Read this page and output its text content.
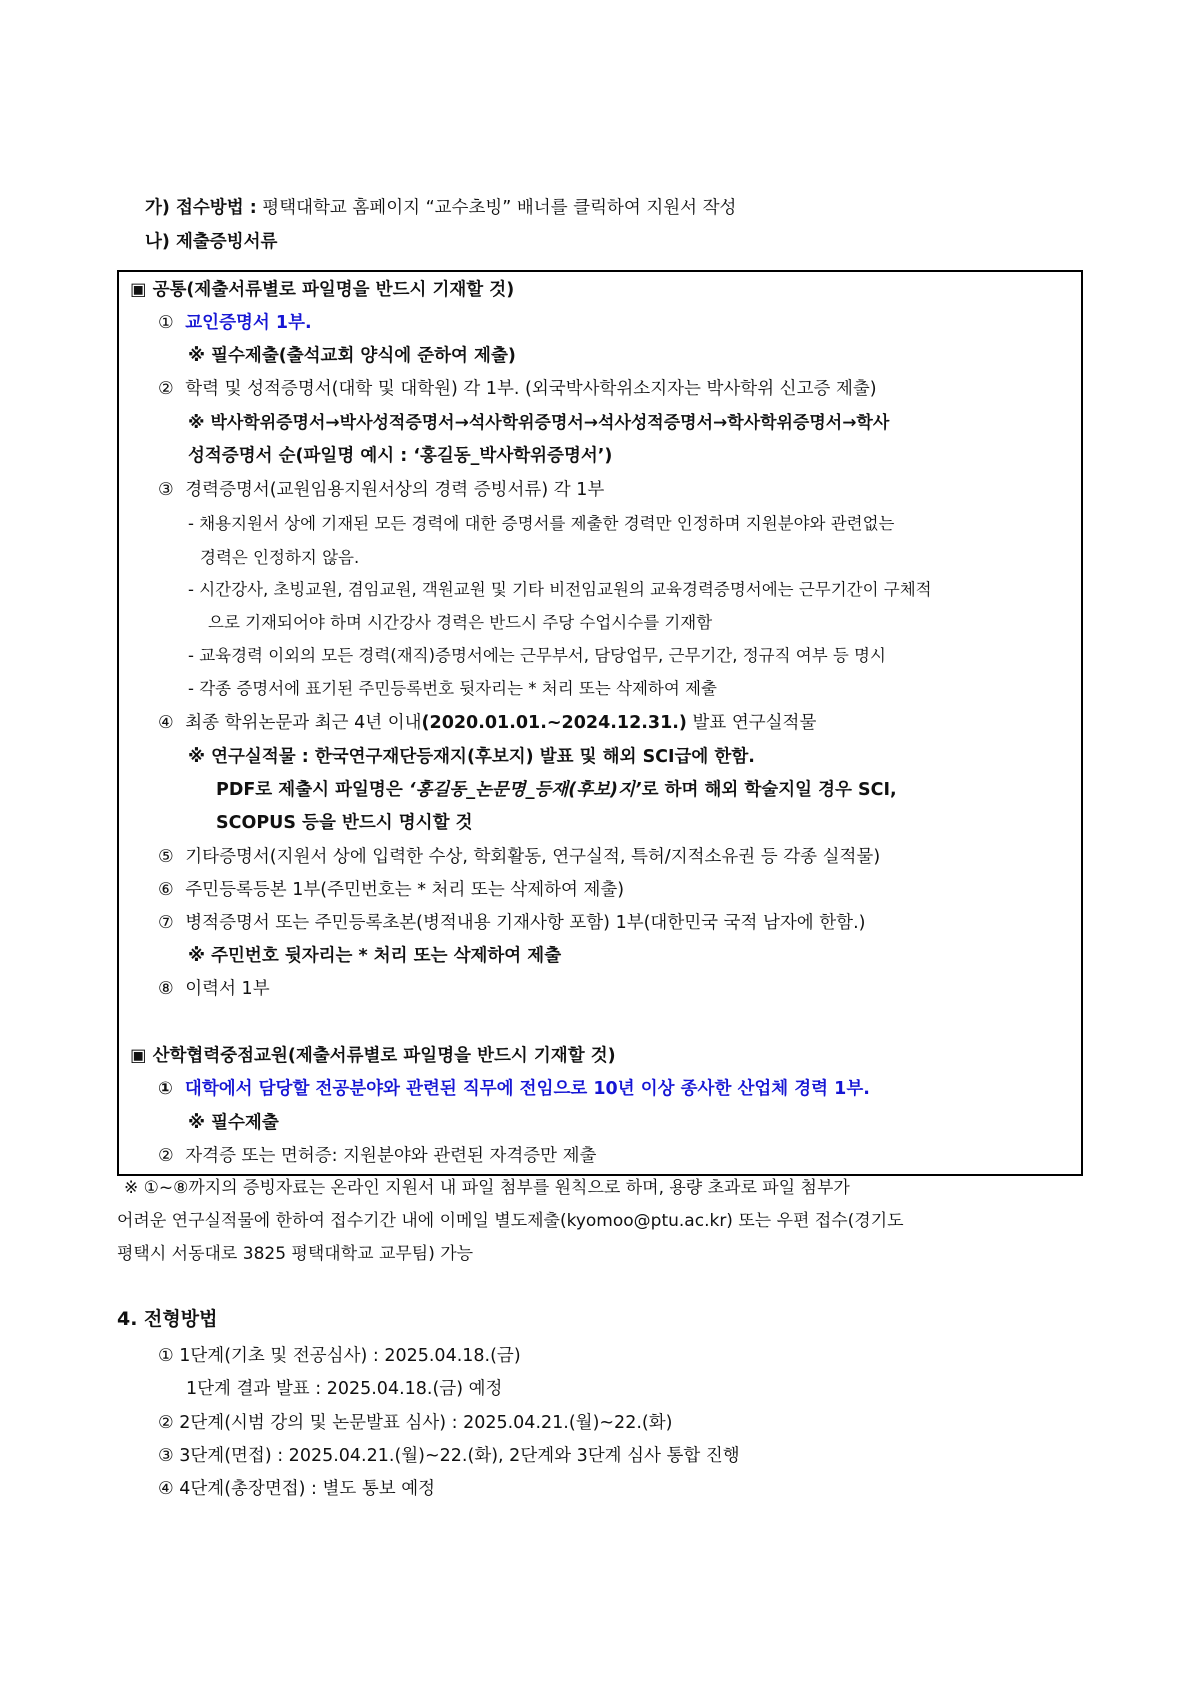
가) 접수방법 : 평택대학교 홈페이지 “교수초빙” 배너를 클릭하여 지원서 작성
나) 제출증빙서류
▣ 공통(제출서류별로 파일명을 반드시 기재할 것)
① 교인증명서 1부.
※ 필수제출(출석교회 양식에 준하여 제출)
② 학력 및 성적증명서(대학 및 대학원) 각 1부. (외국박사학위소지자는 박사학위 신고증 제출)
※ 박사학위증명서→박사성적증명서→석사학위증명서→석사성적증명서→학사학위증명서→학사
성적증명서 순(파일명 예시 : ‘홍길동_박사학위증명서’)
③ 경력증명서(교원임용지원서상의 경력 증빙서류) 각 1부
- 채용지원서 상에 기재된 모든 경력에 대한 증명서를 제출한 경력만 인정하며 지원분야와 관련없는
경력은 인정하지 않음.
- 시간강사, 초빙교원, 겸임교원, 객원교원 및 기타 비전임교원의 교육경력증명서에는 근무기간이 구체적
으로 기재되어야 하며 시간강사 경력은 반드시 주당 수업시수를 기재함
- 교육경력 이외의 모든 경력(재직)증명서에는 근무부서, 담당업무, 근무기간, 정규직 여부 등 명시
- 각종 증명서에 표기된 주민등록번호 뒷자리는 * 처리 또는 삭제하여 제출
④ 최종 학위논문과 최근 4년 이내(2020.01.01.~2024.12.31.) 발표 연구실적물
※ 연구실적물 : 한국연구재단등재지(후보지) 발표 및 해외 SCI급에 한함.
PDF로 제출시 파일명은 ‘홍길동_논문명_등재(후보)지’로 하며 해외 학술지일 경우 SCI,
SCOPUS 등을 반드시 명시할 것
⑤ 기타증명서(지원서 상에 입력한 수상, 학회활동, 연구실적, 특허/지적소유권 등 각종 실적물)
⑥ 주민등록등본 1부(주민번호는 * 처리 또는 삭제하여 제출)
⑦ 병적증명서 또는 주민등록초본(병적내용 기재사항 포함) 1부(대한민국 국적 남자에 한함.)
※ 주민번호 뒷자리는 * 처리 또는 삭제하여 제출
⑧ 이력서 1부
▣ 산학협력중점교원(제출서류별로 파일명을 반드시 기재할 것)
① 대학에서 담당할 전공분야와 관련된 직무에 전임으로 10년 이상 종사한 산업체 경력 1부.
※ 필수제출
② 자격증 또는 면허증: 지원분야와 관련된 자격증만 제출
※ ①~⑧까지의 증빙자료는 온라인 지원서 내 파일 첨부를 원칙으로 하며, 용량 초과로 파일 첨부가
어려운 연구실적물에 한하여 접수기간 내에 이메일 별도제출(kyomoo@ptu.ac.kr) 또는 우편 접수(경기도
평택시 서동대로 3825 평택대학교 교무팀) 가능
4. 전형방법
① 1단계(기초 및 전공심사) : 2025.04.18.(금)
1단계 결과 발표 : 2025.04.18.(금) 예정
② 2단계(시범 강의 및 논문발표 심사) : 2025.04.21.(월)~22.(화)
③ 3단계(면접) : 2025.04.21.(월)~22.(화), 2단계와 3단계 심사 통합 진행
④ 4단계(총장면접) : 별도 통보 예정
